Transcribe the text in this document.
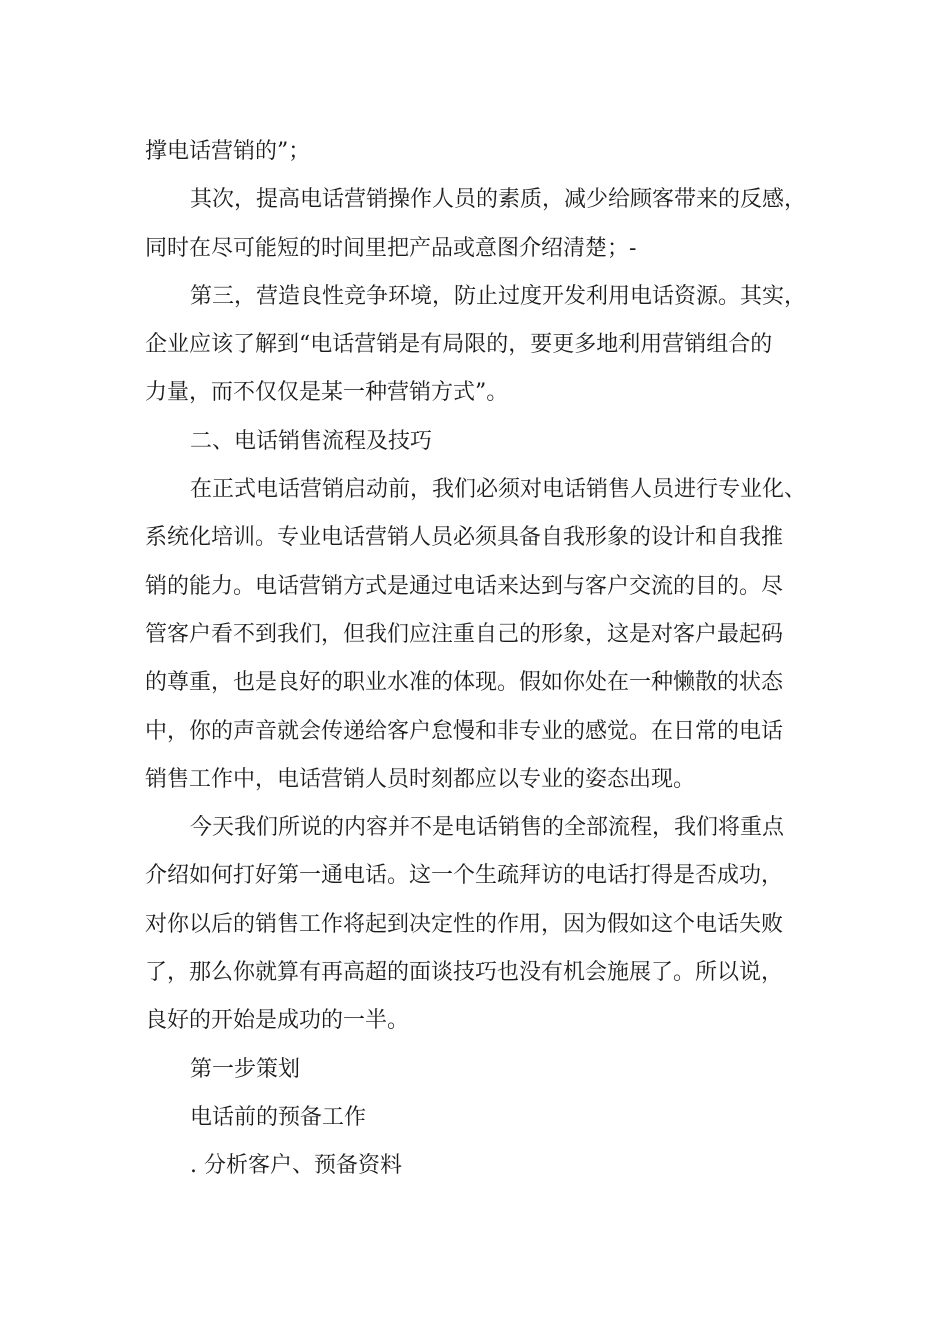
撑电话营销的”；
其次，提高电话营销操作人员的素质，减少给顾客带来的反感，
同时在尽可能短的时间里把产品或意图介绍清楚；-
第三，营造良性竞争环境，防止过度开发利用电话资源。其实，
企业应该了解到“电话营销是有局限的，要更多地利用营销组合的
力量，而不仅仅是某一种营销方式”。
二、电话销售流程及技巧
在正式电话营销启动前，我们必须对电话销售人员进行专业化、
系统化培训。专业电话营销人员必须具备自我形象的设计和自我推
销的能力。电话营销方式是通过电话来达到与客户交流的目的。尽
管客户看不到我们，但我们应注重自己的形象，这是对客户最起码
的尊重，也是良好的职业水准的体现。假如你处在一种懒散的状态
中，你的声音就会传递给客户怠慢和非专业的感觉。在日常的电话
销售工作中，电话营销人员时刻都应以专业的姿态出现。
今天我们所说的内容并不是电话销售的全部流程，我们将重点
介绍如何打好第一通电话。这一个生疏拜访的电话打得是否成功，
对你以后的销售工作将起到决定性的作用，因为假如这个电话失败
了，那么你就算有再高超的面谈技巧也没有机会施展了。所以说，
良好的开始是成功的一半。
第一步策划
电话前的预备工作
. 分析客户、预备资料
